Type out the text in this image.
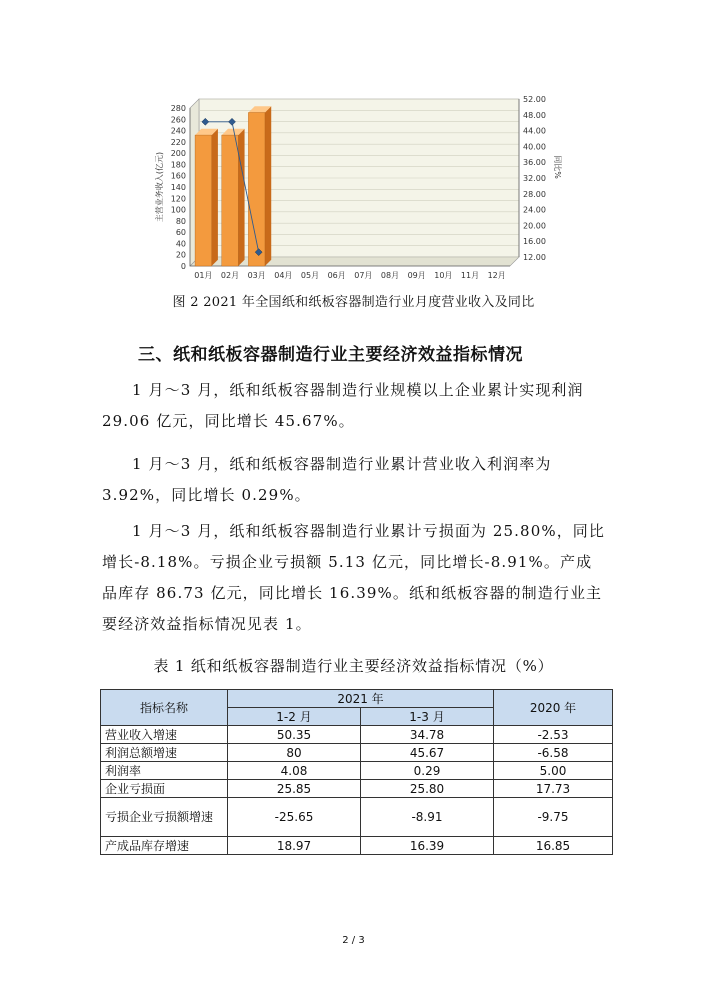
0
20
40
60
80
100
120
140
160
180
200
220
240
260
280
12.00
16.00
20.00
24.00
28.00
32.00
36.00
40.00
44.00
48.00
52.00
01月 02月 03月 04月 05月 06月 07月 08月 09月 10月 11月 12月
主营业务收入(亿元)	同比%
图 2 2021 年全国纸和纸板容器制造行业月度营业收入及同比
三、纸和纸板容器制造行业主要经济效益指标情况

1 月～3 月，纸和纸板容器制造行业规模以上企业累计实现利润 29.06 亿元，同比增长 45.67%。

1 月～3 月，纸和纸板容器制造行业累计营业收入利润率为 3.92%，同比增长 0.29%。

1 月～3 月，纸和纸板容器制造行业累计亏损面为 25.80%，同比增长-8.18%。亏损企业亏损额 5.13 亿元，同比增长-8.91%。产成品库存 86.73 亿元，同比增长 16.39%。纸和纸板容器的制造行业主要经济效益指标情况见表 1。

表 1 纸和纸板容器制造行业主要经济效益指标情况（%）
指标名称	2021 年		2020 年
	1-2 月	1-3 月	
营业收入增速	50.35	34.78	-2.53
利润总额增速	80	45.67	-6.58
利润率	4.08	0.29	5.00
企业亏损面	25.85	25.80	17.73
亏损企业亏损额增速	-25.65	-8.91	-9.75
产成品库存增速	18.97	16.39	16.85
2 / 3
